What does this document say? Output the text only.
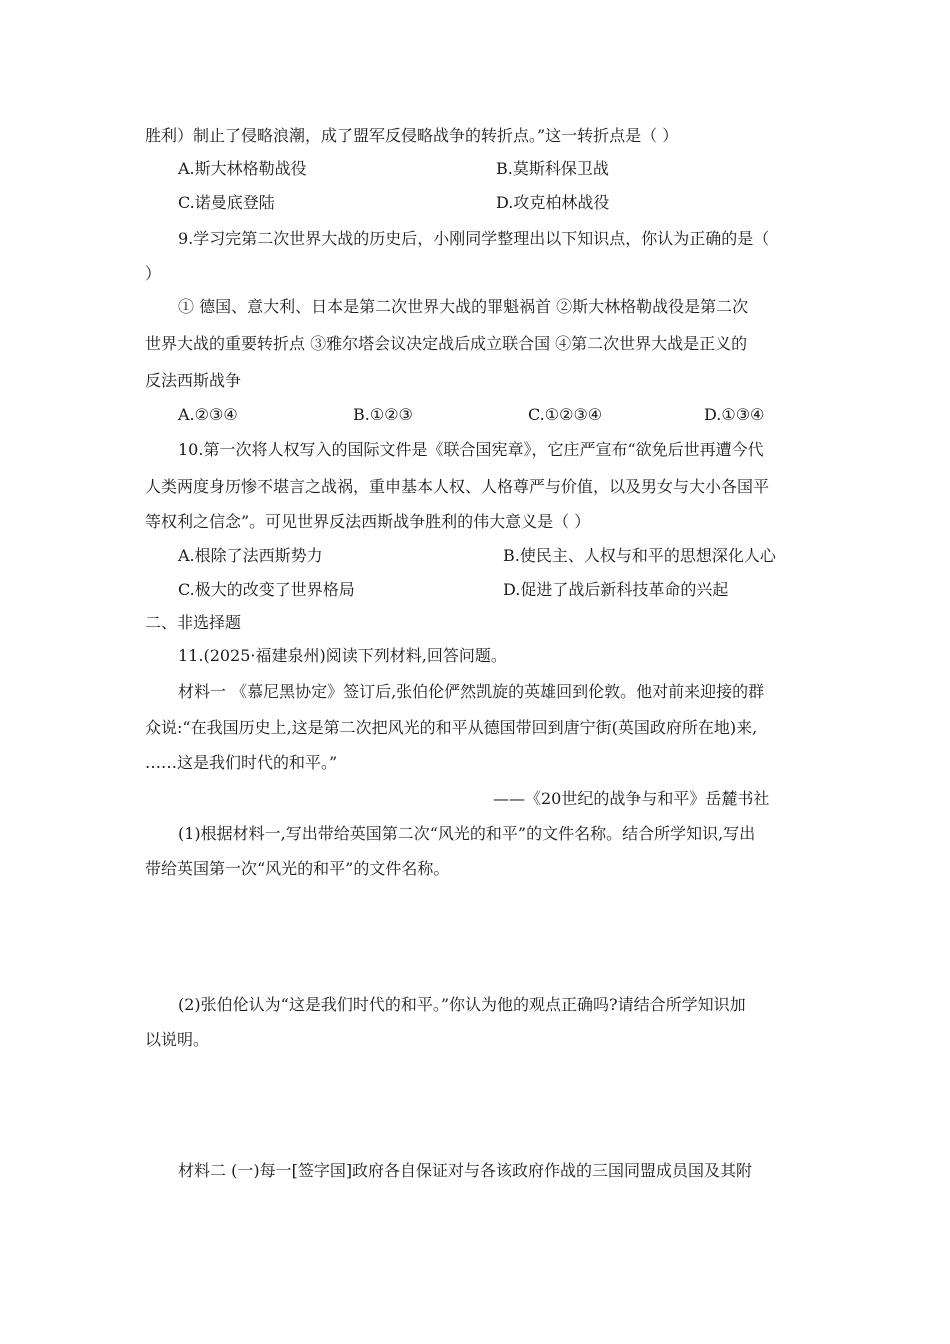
胜利）制止了侵略浪潮，成了盟军反侵略战争的转折点。”这一转折点是（ ）
A.斯大林格勒战役	B.莫斯科保卫战
C.诺曼底登陆	D.攻克柏林战役
9.学习完第二次世界大战的历史后，小刚同学整理出以下知识点，你认为正确的是（
）
① 德国、意大利、日本是第二次世界大战的罪魁祸首 ②斯大林格勒战役是第二次
世界大战的重要转折点 ③雅尔塔会议决定战后成立联合国 ④第二次世界大战是正义的
反法西斯战争
A.②③④	B.①②③	C.①②③④	D.①③④
10.第一次将人权写入的国际文件是《联合国宪章》，它庄严宣布“欲免后世再遭今代
人类两度身历惨不堪言之战祸，重申基本人权、人格尊严与价值，以及男女与大小各国平
等权利之信念”。可见世界反法西斯战争胜利的伟大意义是（ ）
A.根除了法西斯势力	B.使民主、人权与和平的思想深化人心
C.极大的改变了世界格局	D.促进了战后新科技革命的兴起
二、非选择题
11.(2025·福建泉州)阅读下列材料,回答问题。
材料一 《慕尼黑协定》签订后,张伯伦俨然凯旋的英雄回到伦敦。他对前来迎接的群
众说:“在我国历史上,这是第二次把风光的和平从德国带回到唐宁街(英国政府所在地)来,
……这是我们时代的和平。”
——《20世纪的战争与和平》岳麓书社
(1)根据材料一,写出带给英国第二次“风光的和平”的文件名称。结合所学知识,写出
带给英国第一次“风光的和平”的文件名称。
(2)张伯伦认为“这是我们时代的和平。”你认为他的观点正确吗?请结合所学知识加
以说明。
材料二 (一)每一[签字国]政府各自保证对与各该政府作战的三国同盟成员国及其附
